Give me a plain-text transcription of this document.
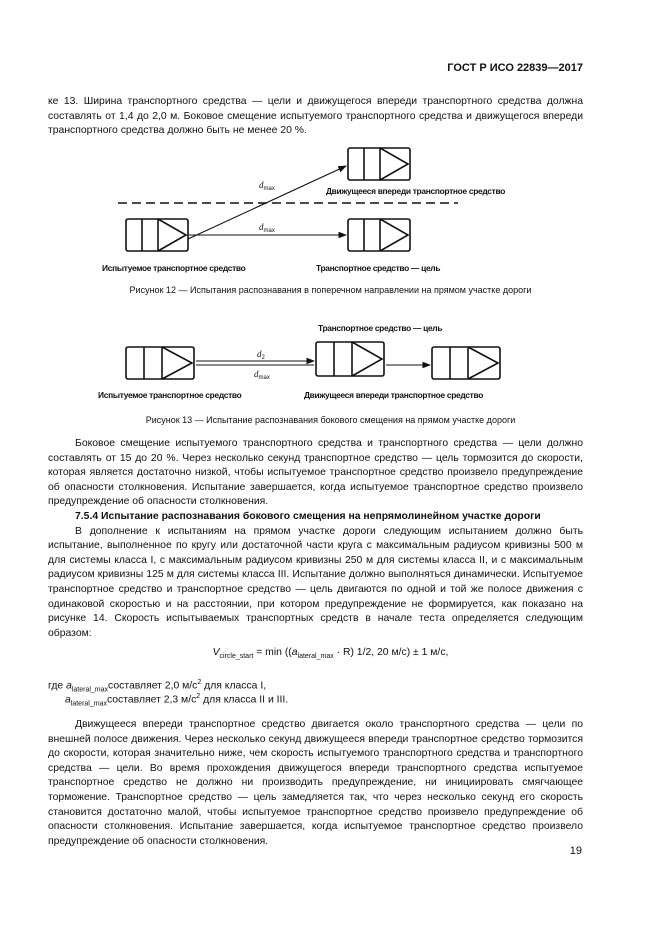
ГОСТ Р ИСО 22839—2017

ке 13. Ширина транспортного средства — цели и движущегося впереди транспортного средства должна составлять от 1,4 до 2,0 м. Боковое смещение испытуемого транспортного средства и движущегося впереди транспортного средства должно быть не менее 20 %.

$d_{max}$
$d_{max}$
Движущееся впереди транспортное средство
Испытуемое транспортное средство	Транспортное средство — цель
Рисунок 12 — Испытания распознавания в поперечном направлении на прямом участке дороги
Транспортное средство — цель
$d_2$
$d_{max}$
Испытуемое транспортное средство	Движущееся впереди транспортное средство
Рисунок 13 — Испытание распознавания бокового смещения на прямом участке дороги

Боковое смещение испытуемого транспортного средства и транспортного средства — цели должно составлять от 15 до 20 %. Через несколько секунд транспортное средство — цель тормозится до скорости, которая является достаточно низкой, чтобы испытуемое транспортное средство произвело предупреждение об опасности столкновения. Испытание завершается, когда испытуемое транспортное средство произвело предупреждение об опасности столкновения.

7.5.4 Испытание распознавания бокового смещения на непрямолинейном участке дороги

В дополнение к испытаниям на прямом участке дороги следующим испытанием должно быть испытание, выполненное по кругу или достаточной части круга с максимальным радиусом кривизны 500 м для системы класса I, с максимальным радиусом кривизны 250 м для системы класса II, и с максимальным радиусом кривизны 125 м для системы класса III. Испытание должно выполняться динамически. Испытуемое транспортное средство и транспортное средство — цель двигаются по одной и той же полосе движения с одинаковой скоростью и на расстоянии, при котором предупреждение не формируется, как показано на рисунке 14. Скорость испытываемых транспортных средств в начале теста определяется следующим образом:

$V_{circle\_start} = \min ((a_{lateral\_max} \cdot R)$ 1/2, 20 м/с) ± 1 м/с,
где $a_{lateral\_max}составляет$ 2,0 $м/с^2$ для класса I,
$a_{lateral\_max}составляет$ 2,3 $м/с^2$ для класса II и III.

Движущееся впереди транспортное средство двигается около транспортного средства — цели по внешней полосе движения. Через несколько секунд движущееся впереди транспортное средство тормозится до скорости, которая значительно ниже, чем скорость испытуемого транспортного средства и транспортного средства — цели. Во время прохождения движущегося впереди транспортного средства испытуемое транспортное средство не должно ни производить предупреждение, ни инициировать смягчающее торможение. Транспортное средство — цель замедляется так, что через несколько секунд его скорость становится достаточно малой, чтобы испытуемое транспортное средство произвело предупреждение об опасности столкновения. Испытание завершается, когда испытуемое транспортное средство произвело предупреждение об опасности столкновения.

19
